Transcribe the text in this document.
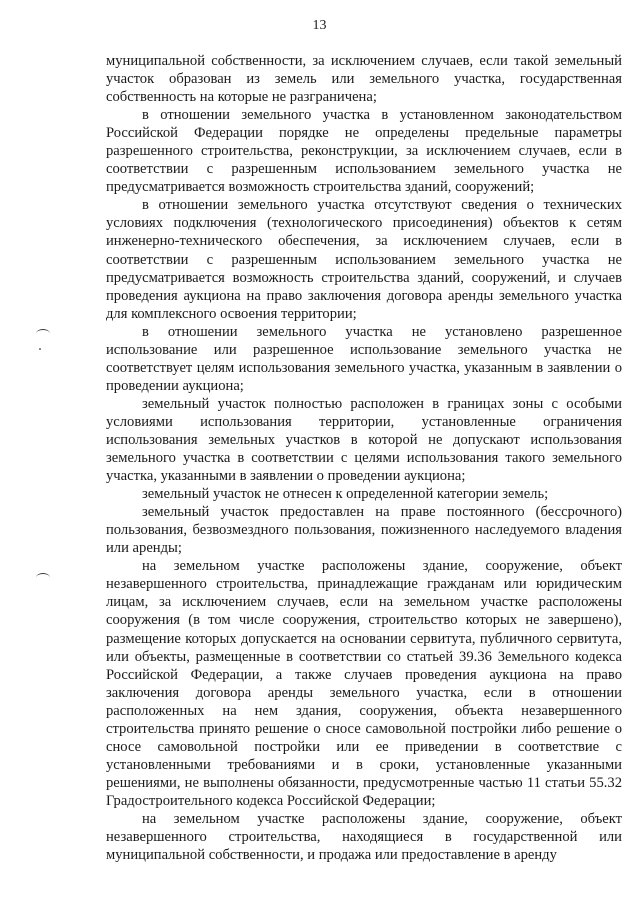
13

муниципальной собственности, за исключением случаев, если такой земельный участок образован из земель или земельного участка, государственная собственность на которые не разграничена;

в отношении земельного участка в установленном законодательством Российской Федерации порядке не определены предельные параметры разрешенного строительства, реконструкции, за исключением случаев, если в соответствии с разрешенным использованием земельного участка не предусматривается возможность строительства зданий, сооружений;

в отношении земельного участка отсутствуют сведения о технических условиях подключения (технологического присоединения) объектов к сетям инженерно-технического обеспечения, за исключением случаев, если в соответствии с разрешенным использованием земельного участка не предусматривается возможность строительства зданий, сооружений, и случаев проведения аукциона на право заключения договора аренды земельного участка для комплексного освоения территории;

в отношении земельного участка не установлено разрешенное использование или разрешенное использование земельного участка не соответствует целям использования земельного участка, указанным в заявлении о проведении аукциона;

земельный участок полностью расположен в границах зоны с особыми условиями использования территории, установленные ограничения использования земельных участков в которой не допускают использования земельного участка в соответствии с целями использования такого земельного участка, указанными в заявлении о проведении аукциона;

земельный участок не отнесен к определенной категории земель;

земельный участок предоставлен на праве постоянного (бессрочного) пользования, безвозмездного пользования, пожизненного наследуемого владения или аренды;

на земельном участке расположены здание, сооружение, объект незавершенного строительства, принадлежащие гражданам или юридическим лицам, за исключением случаев, если на земельном участке расположены сооружения (в том числе сооружения, строительство которых не завершено), размещение которых допускается на основании сервитута, публичного сервитута, или объекты, размещенные в соответствии со статьей 39.36 Земельного кодекса Российской Федерации, а также случаев проведения аукциона на право заключения договора аренды земельного участка, если в отношении расположенных на нем здания, сооружения, объекта незавершенного строительства принято решение о сносе самовольной постройки либо решение о сносе самовольной постройки или ее приведении в соответствие с установленными требованиями и в сроки, установленные указанными решениями, не выполнены обязанности, предусмотренные частью 11 статьи 55.32 Градостроительного кодекса Российской Федерации;

на земельном участке расположены здание, сооружение, объект незавершенного строительства, находящиеся в государственной или муниципальной собственности, и продажа или предоставление в аренду
